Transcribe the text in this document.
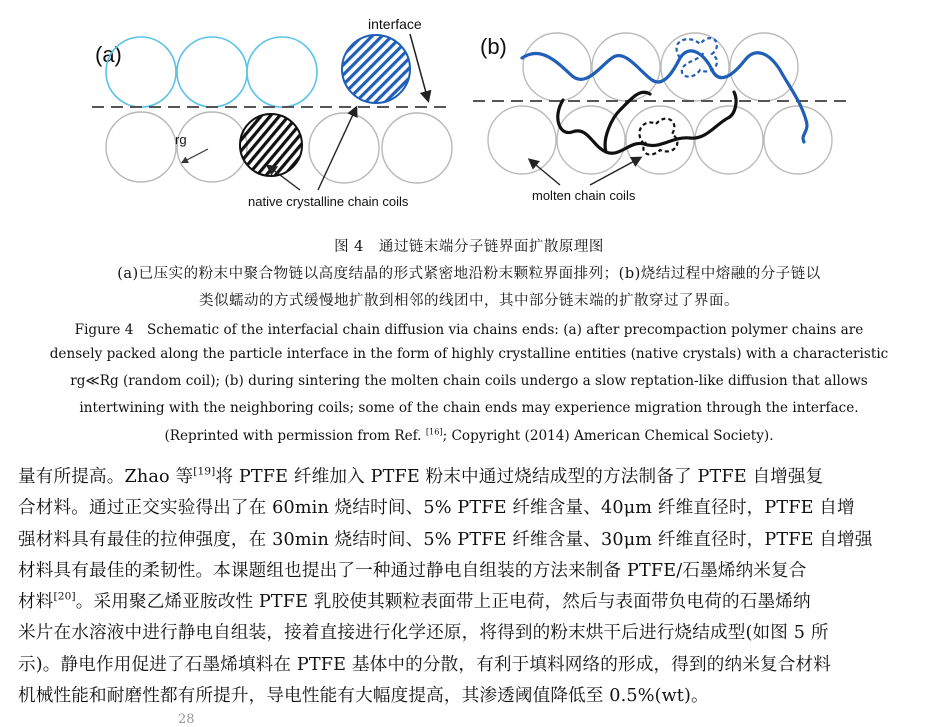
(a)
interface
rg
native crystalline chain coils
(b)
molten chain coils
图 4　通过链末端分子链界面扩散原理图
(a)已压实的粉末中聚合物链以高度结晶的形式紧密地沿粉末颗粒界面排列；(b)烧结过程中熔融的分子链以
类似蠕动的方式缓慢地扩散到相邻的线团中，其中部分链末端的扩散穿过了界面。
Figure 4　Schematic of the interfacial chain diffusion via chains ends: (a) after precompaction polymer chains are
densely packed along the particle interface in the form of highly crystalline entities (native crystals) with a characteristic
rg≪Rg (random coil); (b) during sintering the molten chain coils undergo a slow reptation-like diffusion that allows
intertwining with the neighboring coils; some of the chain ends may experience migration through the interface.
(Reprinted with permission from Ref. [16]; Copyright (2014) American Chemical Society).
量有所提高。Zhao 等[19]将 PTFE 纤维加入 PTFE 粉末中通过烧结成型的方法制备了 PTFE 自增强复
合材料。通过正交实验得出了在 60min 烧结时间、5% PTFE 纤维含量、40μm 纤维直径时，PTFE 自增
强材料具有最佳的拉伸强度，在 30min 烧结时间、5% PTFE 纤维含量、30μm 纤维直径时，PTFE 自增强
材料具有最佳的柔韧性。本课题组也提出了一种通过静电自组装的方法来制备 PTFE/石墨烯纳米复合
材料[20]。采用聚乙烯亚胺改性 PTFE 乳胶使其颗粒表面带上正电荷，然后与表面带负电荷的石墨烯纳
米片在水溶液中进行静电自组装，接着直接进行化学还原，将得到的粉末烘干后进行烧结成型(如图 5 所
示)。静电作用促进了石墨烯填料在 PTFE 基体中的分散，有利于填料网络的形成，得到的纳米复合材料
机械性能和耐磨性都有所提升，导电性能有大幅度提高，其渗透阈值降低至 0.5%(wt)。
28
